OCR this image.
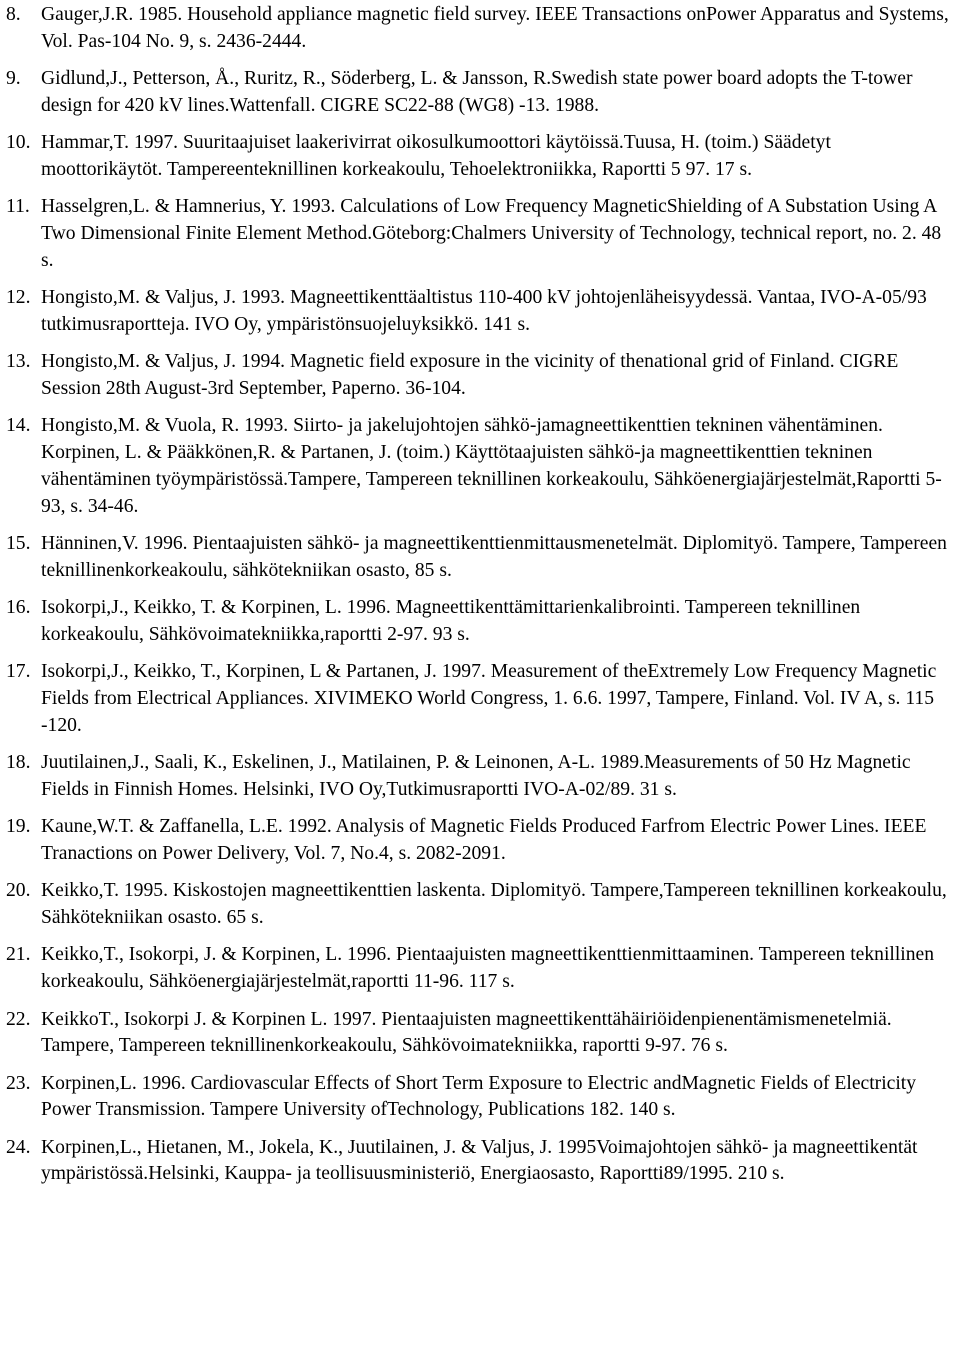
8. Gauger,J.R. 1985. Household appliance magnetic field survey. IEEE Transactions onPower Apparatus and Systems, Vol. Pas-104 No. 9, s. 2436-2444.
9. Gidlund,J., Petterson, Å., Ruritz, R., Söderberg, L. & Jansson, R.Swedish state power board adopts the T-tower design for 420 kV lines.Wattenfall. CIGRE SC22-88 (WG8) -13. 1988.
10. Hammar,T. 1997. Suuritaajuiset laakerivirrat oikosulkumoottori käytöissä.Tuusa, H. (toim.) Säädetyt moottorikäytöt. Tampereenteknillinen korkeakoulu, Tehoelektroniikka, Raportti 5 97. 17 s.
11. Hasselgren,L. & Hamnerius, Y. 1993. Calculations of Low Frequency MagneticShielding of A Substation Using A Two Dimensional Finite Element Method.Göteborg:Chalmers University of Technology, technical report, no. 2. 48 s.
12. Hongisto,M. & Valjus, J. 1993. Magneettikenttäaltistus 110-400 kV johtojenläheisyydessä. Vantaa, IVO-A-05/93 tutkimusraportteja. IVO Oy, ympäristönsuojeluyksikkö. 141 s.
13. Hongisto,M. & Valjus, J. 1994. Magnetic field exposure in the vicinity of thenational grid of Finland. CIGRE Session 28th August-3rd September, Paperno. 36-104.
14. Hongisto,M. & Vuola, R. 1993. Siirto- ja jakelujohtojen sähkö-jamagneettikenttien tekninen vähentäminen. Korpinen, L. & Pääkkönen,R. & Partanen, J. (toim.) Käyttötaajuisten sähkö-ja magneettikenttien tekninen vähentäminen työympäristössä.Tampere, Tampereen teknillinen korkeakoulu, Sähköenergiajärjestelmät,Raportti 5-93, s. 34-46.
15. Hänninen,V. 1996. Pientaajuisten sähkö- ja magneettikenttienmittausmenetelmät. Diplomityö. Tampere, Tampereen teknillinenkorkeakoulu, sähkötekniikan osasto, 85 s.
16. Isokorpi,J., Keikko, T. & Korpinen, L. 1996. Magneettikenttämittarienkalibrointi. Tampereen teknillinen korkeakoulu, Sähkövoimatekniikka,raportti 2-97. 93 s.
17. Isokorpi,J., Keikko, T., Korpinen, L & Partanen, J. 1997. Measurement of theExtremely Low Frequency Magnetic Fields from Electrical Appliances. XIVIMEKO World Congress, 1. 6.6. 1997, Tampere, Finland. Vol. IV A, s. 115 -120.
18. Juutilainen,J., Saali, K., Eskelinen, J., Matilainen, P. & Leinonen, A-L. 1989.Measurements of 50 Hz Magnetic Fields in Finnish Homes. Helsinki, IVO Oy,Tutkimusraportti IVO-A-02/89. 31 s.
19. Kaune,W.T. & Zaffanella, L.E. 1992. Analysis of Magnetic Fields Produced Farfrom Electric Power Lines. IEEE Tranactions on Power Delivery, Vol. 7, No.4, s. 2082-2091.
20. Keikko,T. 1995. Kiskostojen magneettikenttien laskenta. Diplomityö. Tampere,Tampereen teknillinen korkeakoulu, Sähkötekniikan osasto. 65 s.
21. Keikko,T., Isokorpi, J. & Korpinen, L. 1996. Pientaajuisten magneettikenttienmittaaminen. Tampereen teknillinen korkeakoulu, Sähköenergiajärjestelmät,raportti 11-96. 117 s.
22. KeikkoT., Isokorpi J. & Korpinen L. 1997. Pientaajuisten magneettikenttähäiriöidenpienentämismenetelmiä. Tampere, Tampereen teknillinenkorkeakoulu, Sähkövoimatekniikka, raportti 9-97. 76 s.
23. Korpinen,L. 1996. Cardiovascular Effects of Short Term Exposure to Electric andMagnetic Fields of Electricity Power Transmission. Tampere University ofTechnology, Publications 182. 140 s.
24. Korpinen,L., Hietanen, M., Jokela, K., Juutilainen, J. & Valjus, J. 1995Voimajohtojen sähkö- ja magneettikentät ympäristössä.Helsinki, Kauppa- ja teollisuusministeriö, Energiaosasto, Raportti89/1995. 210 s.
